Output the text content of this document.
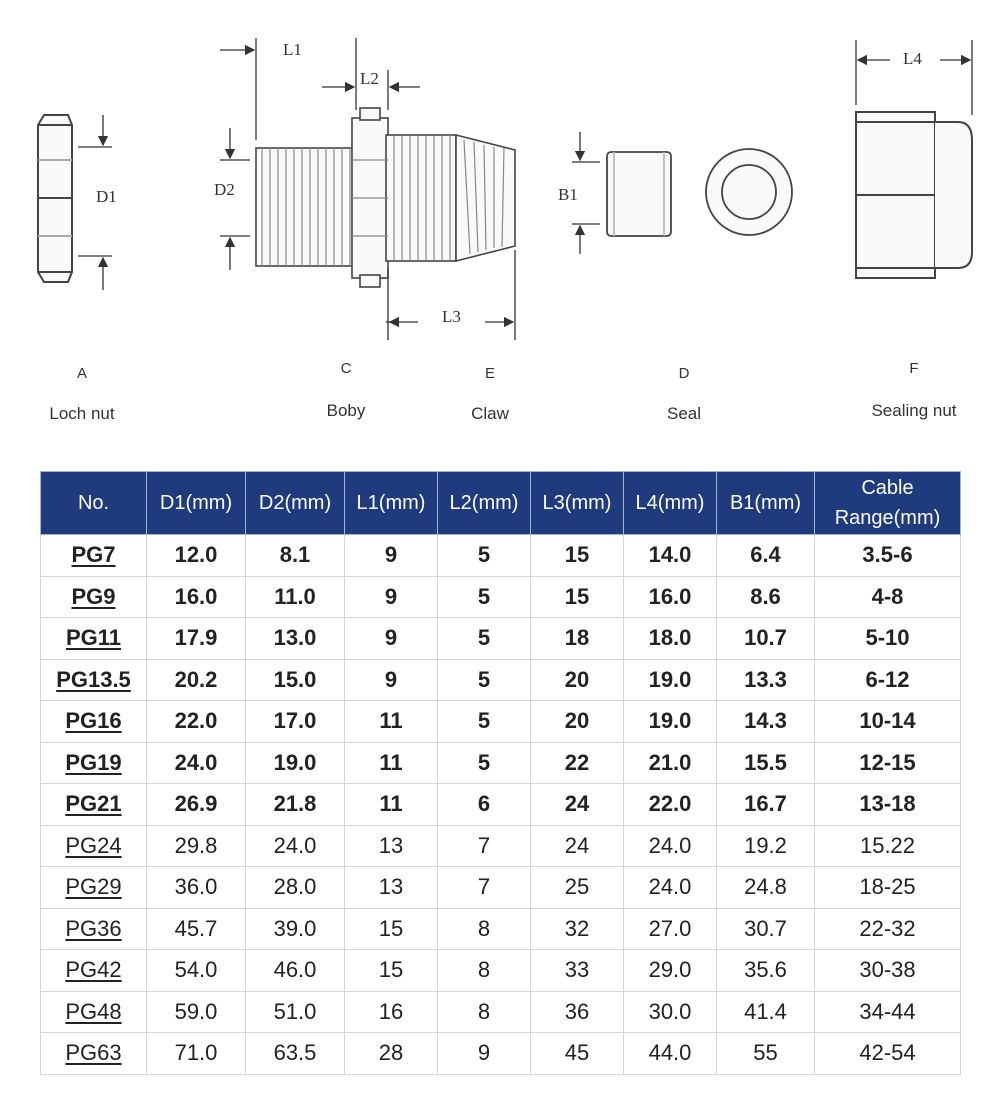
D1
L1
L2
D2
L3
B1
L4
A
Loch nut
C
Boby
E
Claw
D
Seal
F
Sealing nut
No.	D1(mm)	D2(mm)	L1(mm)	L2(mm)	L3(mm)	L4(mm)	B1(mm)	Cable
Range(mm)
PG7	12.0	8.1	9	5	15	14.0	6.4	3.5-6
PG9	16.0	11.0	9	5	15	16.0	8.6	4-8
PG11	17.9	13.0	9	5	18	18.0	10.7	5-10
PG13.5	20.2	15.0	9	5	20	19.0	13.3	6-12
PG16	22.0	17.0	11	5	20	19.0	14.3	10-14
PG19	24.0	19.0	11	5	22	21.0	15.5	12-15
PG21	26.9	21.8	11	6	24	22.0	16.7	13-18
PG24	29.8	24.0	13	7	24	24.0	19.2	15.22
PG29	36.0	28.0	13	7	25	24.0	24.8	18-25
PG36	45.7	39.0	15	8	32	27.0	30.7	22-32
PG42	54.0	46.0	15	8	33	29.0	35.6	30-38
PG48	59.0	51.0	16	8	36	30.0	41.4	34-44
PG63	71.0	63.5	28	9	45	44.0	55	42-54
